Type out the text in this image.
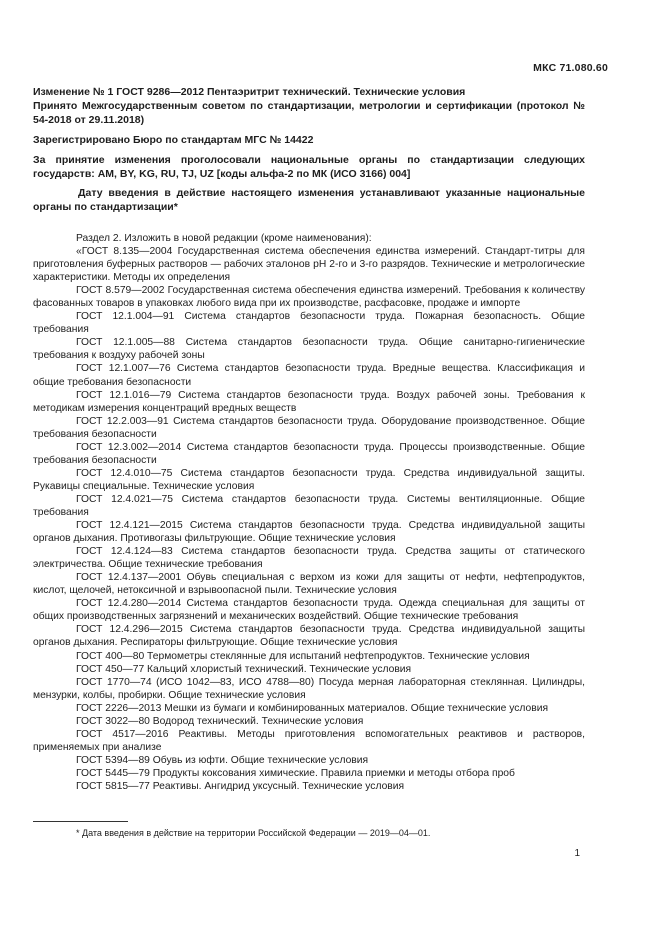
МКС 71.080.60
Изменение № 1 ГОСТ 9286—2012 Пентаэритрит технический. Технические условия
Принято Межгосударственным советом по стандартизации, метрологии и сертификации (протокол № 54-2018 от 29.11.2018)
Зарегистрировано Бюро по стандартам МГС № 14422
За принятие изменения проголосовали национальные органы по стандартизации следующих государств: AM, BY, KG, RU, TJ, UZ [коды альфа-2 по МК (ИСО 3166) 004]
Дату введения в действие настоящего изменения устанавливают указанные национальные органы по стандартизации*

Раздел 2. Изложить в новой редакции (кроме наименования):

«ГОСТ 8.135—2004 Государственная система обеспечения единства измерений. Стандарт-титры для приготовления буферных растворов — рабочих эталонов pH 2-го и 3-го разрядов. Технические и метрологические характеристики. Методы их определения

ГОСТ 8.579—2002 Государственная система обеспечения единства измерений. Требования к количеству фасованных товаров в упаковках любого вида при их производстве, расфасовке, продаже и импорте

ГОСТ 12.1.004—91 Система стандартов безопасности труда. Пожарная безопасность. Общие требования

ГОСТ 12.1.005—88 Система стандартов безопасности труда. Общие санитарно-гигиенические требования к воздуху рабочей зоны

ГОСТ 12.1.007—76 Система стандартов безопасности труда. Вредные вещества. Классификация и общие требования безопасности

ГОСТ 12.1.016—79 Система стандартов безопасности труда. Воздух рабочей зоны. Требования к методикам измерения концентраций вредных веществ

ГОСТ 12.2.003—91 Система стандартов безопасности труда. Оборудование производственное. Общие требования безопасности

ГОСТ 12.3.002—2014 Система стандартов безопасности труда. Процессы производственные. Общие требования безопасности

ГОСТ 12.4.010—75 Система стандартов безопасности труда. Средства индивидуальной защиты. Рукавицы специальные. Технические условия

ГОСТ 12.4.021—75 Система стандартов безопасности труда. Системы вентиляционные. Общие требования

ГОСТ 12.4.121—2015 Система стандартов безопасности труда. Средства индивидуальной защиты органов дыхания. Противогазы фильтрующие. Общие технические условия

ГОСТ 12.4.124—83 Система стандартов безопасности труда. Средства защиты от статического электричества. Общие технические требования

ГОСТ 12.4.137—2001 Обувь специальная с верхом из кожи для защиты от нефти, нефтепродуктов, кислот, щелочей, нетоксичной и взрывоопасной пыли. Технические условия

ГОСТ 12.4.280—2014 Система стандартов безопасности труда. Одежда специальная для защиты от общих производственных загрязнений и механических воздействий. Общие технические требования

ГОСТ 12.4.296—2015 Система стандартов безопасности труда. Средства индивидуальной защиты органов дыхания. Респираторы фильтрующие. Общие технические условия

ГОСТ 400—80 Термометры стеклянные для испытаний нефтепродуктов. Технические условия

ГОСТ 450—77 Кальций хлористый технический. Технические условия

ГОСТ 1770—74 (ИСО 1042—83, ИСО 4788—80) Посуда мерная лабораторная стеклянная. Цилиндры, мензурки, колбы, пробирки. Общие технические условия

ГОСТ 2226—2013 Мешки из бумаги и комбинированных материалов. Общие технические условия

ГОСТ 3022—80 Водород технический. Технические условия

ГОСТ 4517—2016 Реактивы. Методы приготовления вспомогательных реактивов и растворов, применяемых при анализе

ГОСТ 5394—89 Обувь из юфти. Общие технические условия

ГОСТ 5445—79 Продукты коксования химические. Правила приемки и методы отбора проб

ГОСТ 5815—77 Реактивы. Ангидрид уксусный. Технические условия

* Дата введения в действие на территории Российской Федерации — 2019—04—01.
1
